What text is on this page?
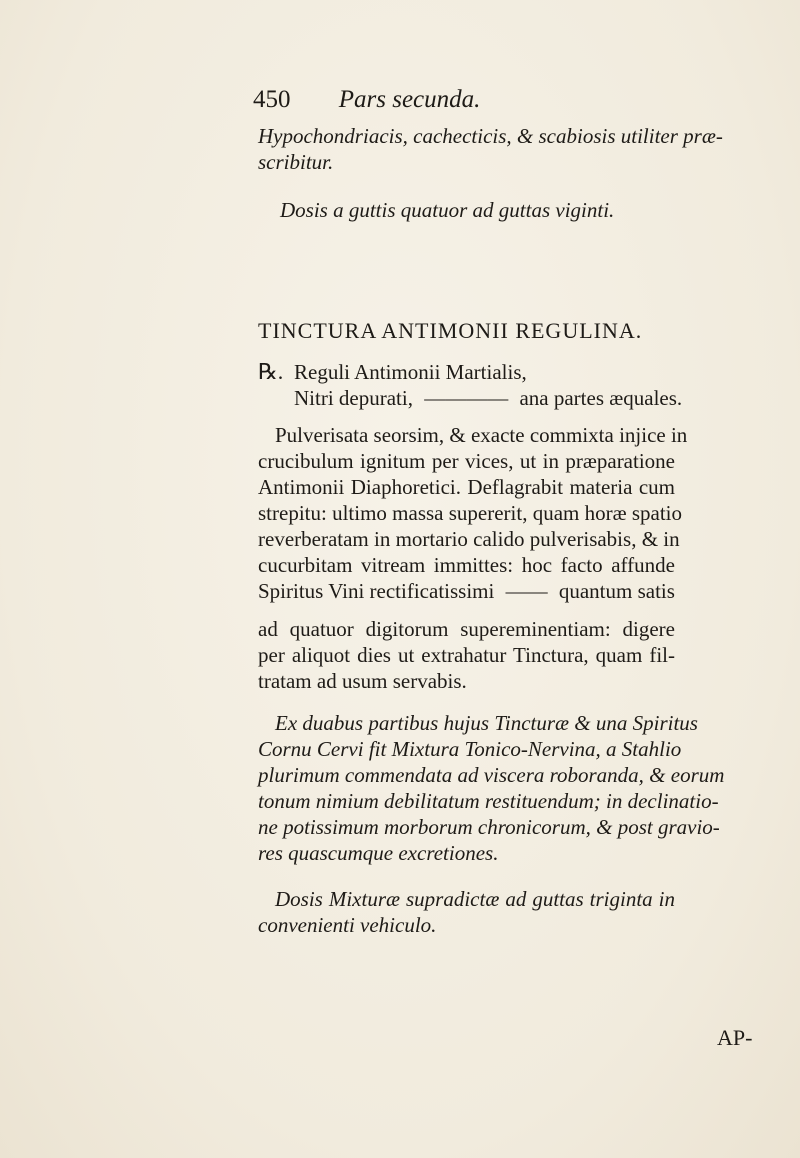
450 Pars secunda.
Hypochondriacis, cachecticis, & scabiosis utiliter præ-
scribitur.
Dosis a guttis quatuor ad guttas viginti.
TINCTURA ANTIMONII REGULINA.
℞. Reguli Antimonii Martialis,
Nitri depurati, ———— ana partes æquales.
Pulverisata seorsim, & exacte commixta injice in
crucibulum ignitum per vices, ut in præparatione
Antimonii Diaphoretici. Deflagrabit materia cum
strepitu: ultimo massa supererit, quam horæ spatio
reverberatam in mortario calido pulverisabis, & in
cucurbitam vitream immittes: hoc facto affunde
Spiritus Vini rectificatissimi —— quantum satis
ad quatuor digitorum supereminentiam: digere
per aliquot dies ut extrahatur Tinctura, quam fil-
tratam ad usum servabis.
Ex duabus partibus hujus Tincturæ & una Spiritus
Cornu Cervi fit Mixtura Tonico-Nervina, a Stahlio
plurimum commendata ad viscera roboranda, & eorum
tonum nimium debilitatum restituendum; in declinatio-
ne potissimum morborum chronicorum, & post gravio-
res quascumque excretiones.
Dosis Mixturæ supradictæ ad guttas triginta in
convenienti vehiculo.
AP-
